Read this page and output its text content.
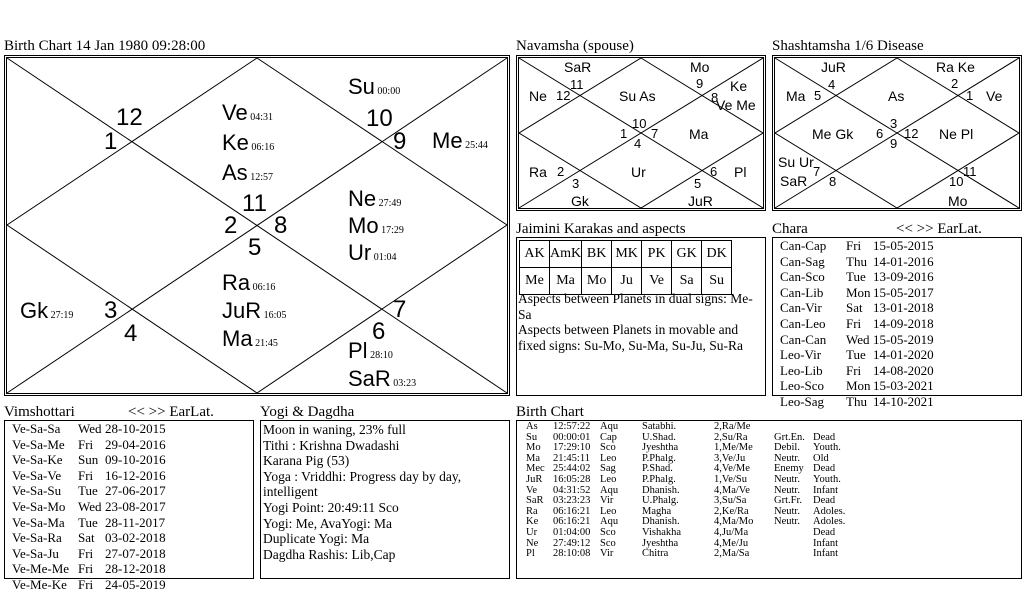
Birth Chart 14 Jan 1980 09:28:00
1
12	10
9
11
2 8
5
3
4
7
6
Ve 04:31
Ke 06:16
As 12:57
Su 00:00
Me 25:44
Ne 27:49
Mo 17:29
Ur 01:04
Gk 27:19
Ra 06:16
JuR 16:05
Ma 21:45	Pl 28:10
SaR 03:23
Navamsha (spouse)
SaR	Mo
Ne 12
11
Su As
9 Ke
8
Ve Me
10
1 7
4
Ma
Ra 2
3
Ur
5
6 Pl
Gk	JuR
Shashtamsha 1/6 Disease
JuR	Ra Ke
Ma 5
4
As
2
1 Ve
Me Gk
3
6 12
9
Ne Pl
Su Ur
7
SaR 8	10
11
Mo
Jaimini Karakas and aspects
AK	AmK	BK	MK	PK	GK	DK
Me	Ma	Mo	Ju	Ve	Sa	Su
Aspects between Planets in dual signs: Me-Sa
Aspects between Planets in movable and fixed signs: Su-Mo, Su-Ma, Su-Ju, Su-Ra
Chara	<< >> EarLat.
Can-Cap Fri 15-05-2015
Can-Sag Thu 14-01-2016
Can-Sco Tue 13-09-2016
Can-Lib Mon 15-05-2017
Can-Vir Sat 13-01-2018
Can-Leo Fri 14-09-2018
Can-Can Wed 15-05-2019
Leo-Vir Tue 14-01-2020
Leo-Lib Fri 14-08-2020
Leo-Sco Mon 15-03-2021
Leo-Sag Thu 14-10-2021
Vimshottari	<< >> EarLat.
Ve-Sa-Sa Wed 28-10-2015
Ve-Sa-Me Fri 29-04-2016
Ve-Sa-Ke Sun 09-10-2016
Ve-Sa-Ve Fri 16-12-2016
Ve-Sa-Su Tue 27-06-2017
Ve-Sa-Mo Wed 23-08-2017
Ve-Sa-Ma Tue 28-11-2017
Ve-Sa-Ra Sat 03-02-2018
Ve-Sa-Ju Fri 27-07-2018
Ve-Me-Me Fri 28-12-2018
Ve-Me-Ke Fri 24-05-2019
Yogi & Dagdha
Moon in waning, 23% full
Tithi : Krishna Dwadashi
Karana Pig (53)
Yoga : Vriddhi: Progress day by day, intelligent
Yogi Point: 20:49:11 Sco
Yogi: Me, AvaYogi: Ma
Duplicate Yogi: Ma
Dagdha Rashis: Lib,Cap
Birth Chart
As 12:57:22 Aqu Satabhi.	2,Ra/Me
Su 00:00:01 Cap U.Shad.	2,Su/Ra	Grt.En. Dead
Mo 17:29:10 Sco	Jyeshtha	1,Me/Me Debil. Youth.
Ma 21:45:11 Leo P.Phalg.	3,Ve/Ju	Neutr. Old
Mec 25:44:02 Sag	P.Shad.	4,Ve/Me Enemy Dead
JuR 16:05:28 Leo P.Phalg.	1,Ve/Su	Neutr. Youth.
Ve 04:31:52 Aqu Dhanish.	4,Ma/Ve Neutr. Infant
SaR 03:23:23 Vir	U.Phalg.	3,Su/Sa	Grt.Fr. Dead
Ra 06:16:21 Leo Magha	2,Ke/Ra Neutr. Adoles.
Ke 06:16:21 Aqu Dhanish.	4,Ma/Mo Neutr. Adoles.
Ur 01:04:00 Sco	Vishakha	4,Ju/Ma	Dead
Ne 27:49:12 Sco	Jyeshtha	4,Me/Ju	Infant
Pl 28:10:08 Vir	Chitra	2,Ma/Sa	Infant
